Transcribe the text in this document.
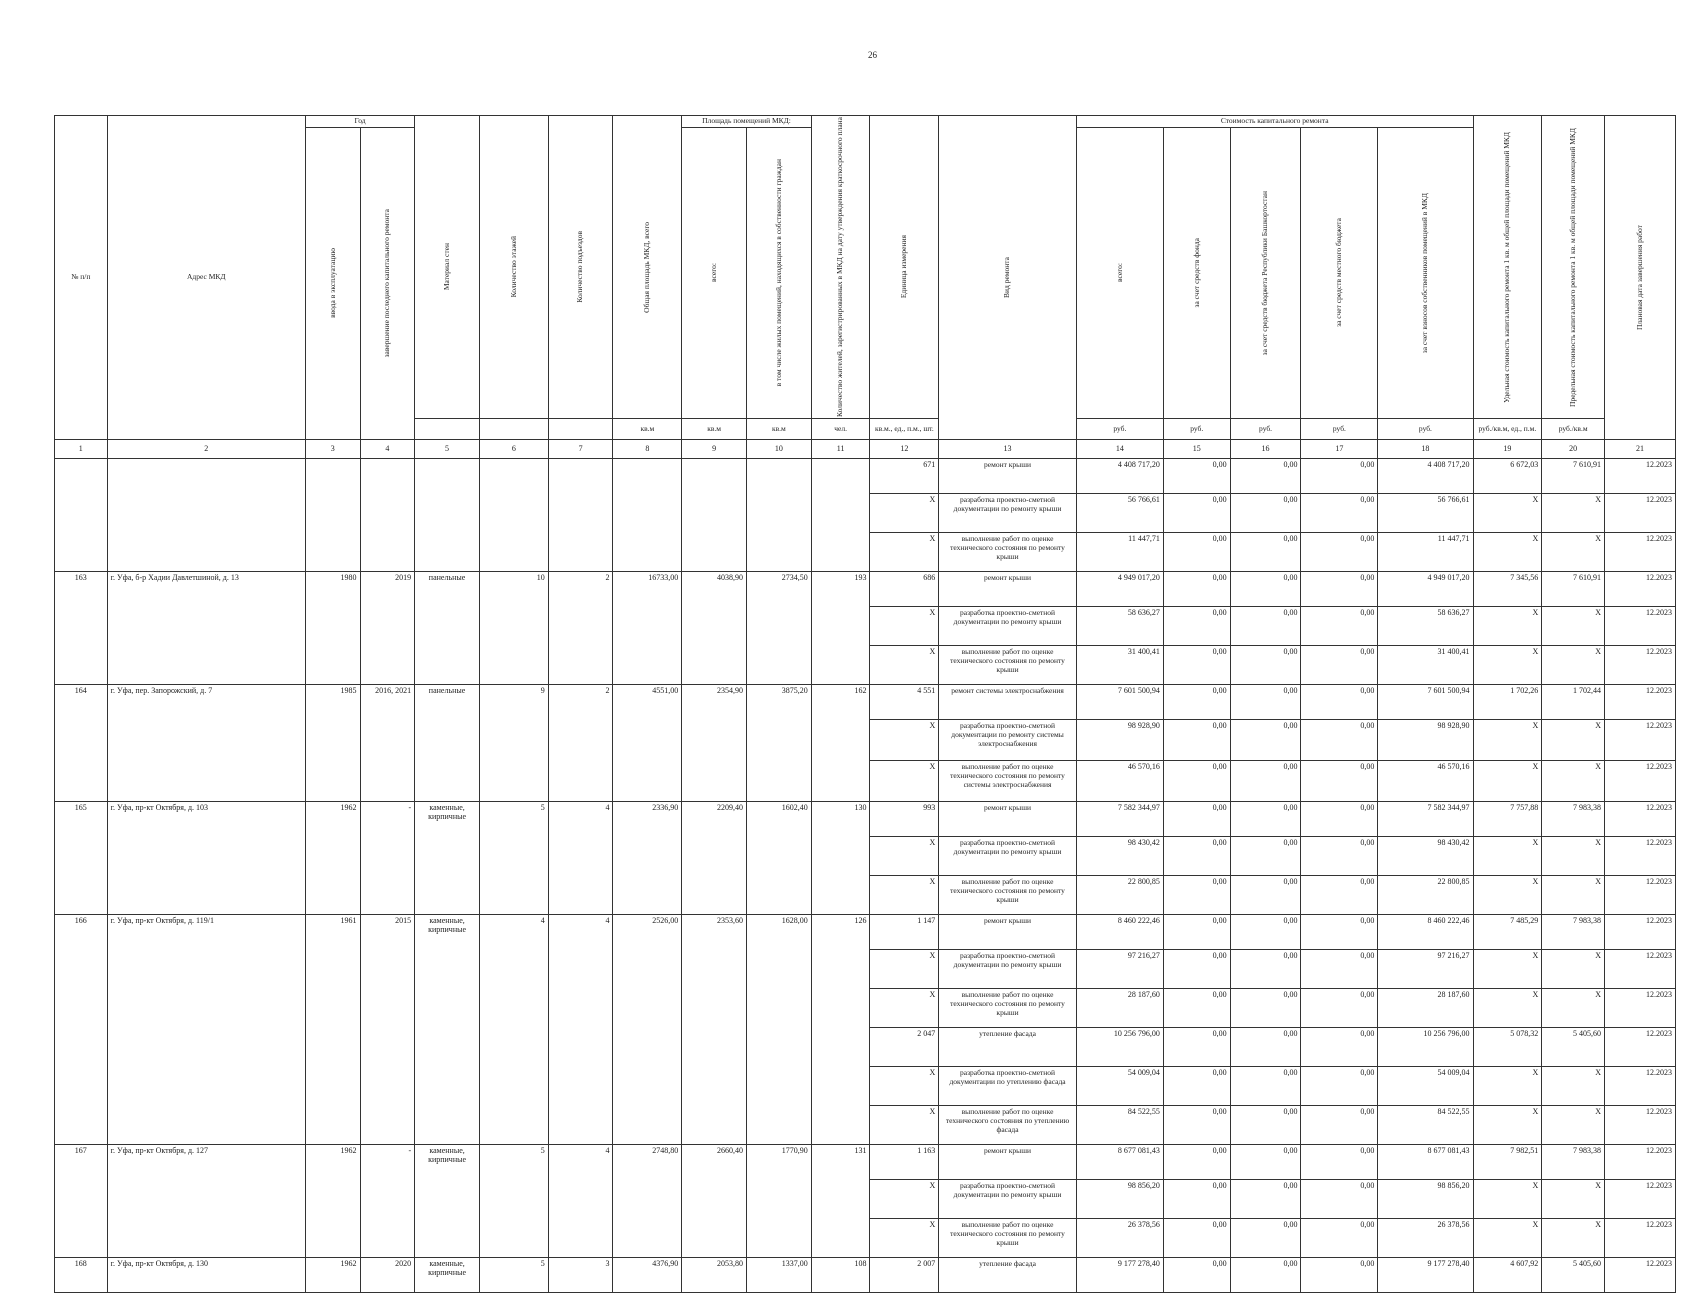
26
№ п/п	Адрес МКД	Год		Материал стен	Количество этажей	Количество подъездов	Общая площадь МКД, всего	Площадь помещений МКД:		Количество жителей, зарегистрированных в МКД на дату утверждения краткосрочного плана	Единица измерения	Вид ремонта	Стоимость капитального ремонта					Удельная стоимость капитального ремонта 1 кв. м общей площади помещений МКД	Предельная стоимость капитального ремонта 1 кв. м общей площади помещений МКД	Плановая дата завершения работ

		ввода в эксплуатацию	завершение последнего капитального ремонта					всего:	в том числе жилых помещений, находящихся в собственности граждан				всего:	за счет средств фонда	за счет средств бюджета Республики Башкортостан	за счет средств местного бюджета	за счет взносов собственников помещений в МКД			

							кв.м	кв.м	кв.м	чел.	кв.м., ед., п.м., шт.		руб.	руб.	руб.	руб.	руб.	руб./кв.м, ед., п.м.	руб./кв.м	
1	2	3	4	5	6	7	8	9	10	11	12	13	14	15	16	17	18	19	20	21
											671	ремонт крыши	4 408 717,20	0,00	0,00	0,00	4 408 717,20	6 672,03	7 610,91	12.2023
											X	разработка проектно-сметной документации по ремонту крыши	56 766,61	0,00	0,00	0,00	56 766,61	X	X	12.2023
											X	выполнение работ по оценке технического состояния по ремонту крыши	11 447,71	0,00	0,00	0,00	11 447,71	X	X	12.2023
163	г. Уфа, б-р Хадии Давлетшиной, д. 13	1980	2019	панельные	10	2	16733,00	4038,90	2734,50	193	686	ремонт крыши	4 949 017,20	0,00	0,00	0,00	4 949 017,20	7 345,56	7 610,91	12.2023
											X	разработка проектно-сметной документации по ремонту крыши	58 636,27	0,00	0,00	0,00	58 636,27	X	X	12.2023
											X	выполнение работ по оценке технического состояния по ремонту крыши	31 400,41	0,00	0,00	0,00	31 400,41	X	X	12.2023
164	г. Уфа, пер. Запорожский, д. 7	1985	2016, 2021	панельные	9	2	4551,00	2354,90	3875,20	162	4 551	ремонт системы электроснабжения	7 601 500,94	0,00	0,00	0,00	7 601 500,94	1 702,26	1 702,44	12.2023
											X	разработка проектно-сметной документации по ремонту системы электроснабжения	98 928,90	0,00	0,00	0,00	98 928,90	X	X	12.2023
											X	выполнение работ по оценке технического состояния по ремонту системы электроснабжения	46 570,16	0,00	0,00	0,00	46 570,16	X	X	12.2023
165	г. Уфа, пр-кт Октября, д. 103	1962	-	каменные, кирпичные	5	4	2336,90	2209,40	1602,40	130	993	ремонт крыши	7 582 344,97	0,00	0,00	0,00	7 582 344,97	7 757,88	7 983,38	12.2023
											X	разработка проектно-сметной документации по ремонту крыши	98 430,42	0,00	0,00	0,00	98 430,42	X	X	12.2023
											X	выполнение работ по оценке технического состояния по ремонту крыши	22 800,85	0,00	0,00	0,00	22 800,85	X	X	12.2023
166	г. Уфа, пр-кт Октября, д. 119/1	1961	2015	каменные, кирпичные	4	4	2526,00	2353,60	1628,00	126	1 147	ремонт крыши	8 460 222,46	0,00	0,00	0,00	8 460 222,46	7 485,29	7 983,38	12.2023
											X	разработка проектно-сметной документации по ремонту крыши	97 216,27	0,00	0,00	0,00	97 216,27	X	X	12.2023
											X	выполнение работ по оценке технического состояния по ремонту крыши	28 187,60	0,00	0,00	0,00	28 187,60	X	X	12.2023
											2 047	утепление фасада	10 256 796,00	0,00	0,00	0,00	10 256 796,00	5 078,32	5 405,60	12.2023
											X	разработка проектно-сметной документации по утеплению фасада	54 009,04	0,00	0,00	0,00	54 009,04	X	X	12.2023
											X	выполнение работ по оценке технического состояния по утеплению фасада	84 522,55	0,00	0,00	0,00	84 522,55	X	X	12.2023
167	г. Уфа, пр-кт Октября, д. 127	1962	-	каменные, кирпичные	5	4	2748,80	2660,40	1770,90	131	1 163	ремонт крыши	8 677 081,43	0,00	0,00	0,00	8 677 081,43	7 982,51	7 983,38	12.2023
											X	разработка проектно-сметной документации по ремонту крыши	98 856,20	0,00	0,00	0,00	98 856,20	X	X	12.2023
											X	выполнение работ по оценке технического состояния по ремонту крыши	26 378,56	0,00	0,00	0,00	26 378,56	X	X	12.2023
168	г. Уфа, пр-кт Октября, д. 130	1962	2020	каменные, кирпичные	5	3	4376,90	2053,80	1337,00	108	2 007	утепление фасада	9 177 278,40	0,00	0,00	0,00	9 177 278,40	4 607,92	5 405,60	12.2023
